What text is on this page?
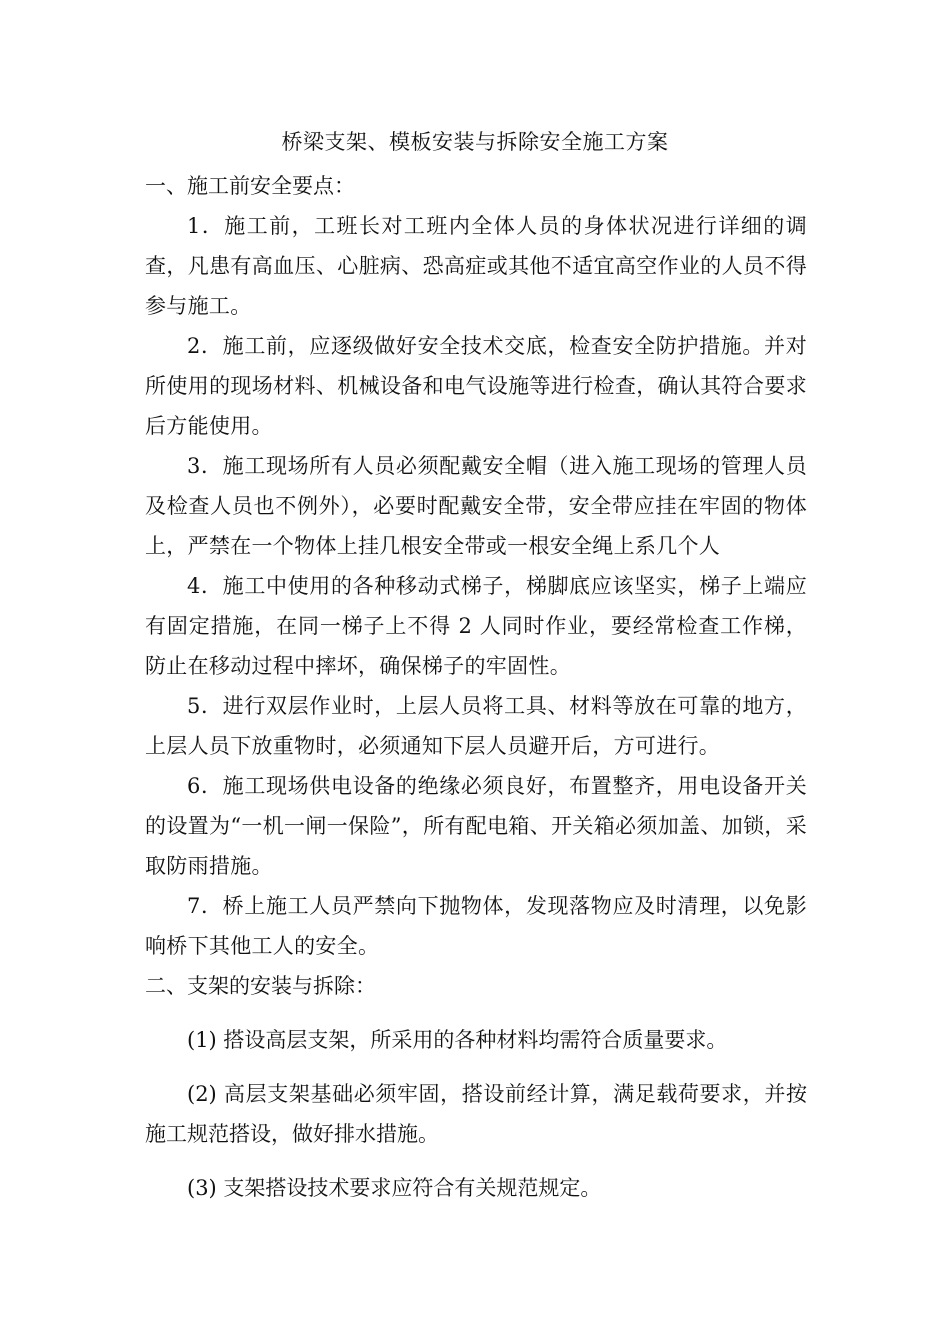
桥梁支架、模板安装与拆除安全施工方案

一、施工前安全要点：

1．施工前，工班长对工班内全体人员的身体状况进行详细的调查，凡患有高血压、心脏病、恐高症或其他不适宜高空作业的人员不得参与施工。

2．施工前，应逐级做好安全技术交底，检查安全防护措施。并对所使用的现场材料、机械设备和电气设施等进行检查，确认其符合要求后方能使用。

3．施工现场所有人员必须配戴安全帽（进入施工现场的管理人员及检查人员也不例外），必要时配戴安全带，安全带应挂在牢固的物体上，严禁在一个物体上挂几根安全带或一根安全绳上系几个人

4．施工中使用的各种移动式梯子，梯脚底应该坚实，梯子上端应有固定措施，在同一梯子上不得 2 人同时作业，要经常检查工作梯，防止在移动过程中摔坏，确保梯子的牢固性。

5．进行双层作业时，上层人员将工具、材料等放在可靠的地方，上层人员下放重物时，必须通知下层人员避开后，方可进行。

6．施工现场供电设备的绝缘必须良好，布置整齐，用电设备开关的设置为“一机一闸一保险”，所有配电箱、开关箱必须加盖、加锁，采取防雨措施。

7．桥上施工人员严禁向下抛物体，发现落物应及时清理，以免影响桥下其他工人的安全。

二、支架的安装与拆除：

(1) 搭设高层支架，所采用的各种材料均需符合质量要求。

(2) 高层支架基础必须牢固，搭设前经计算，满足载荷要求，并按施工规范搭设，做好排水措施。

(3) 支架搭设技术要求应符合有关规范规定。
